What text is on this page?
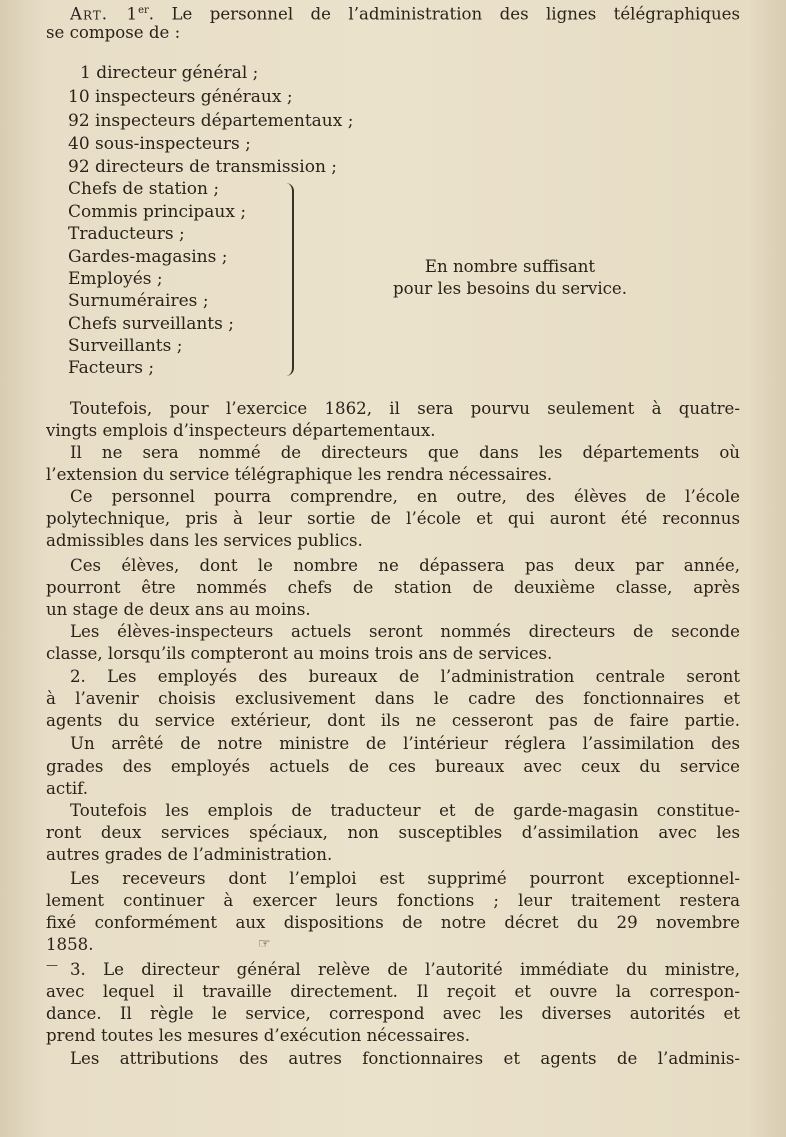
Art. 1er. Le personnel de l’administration des lignes télégraphiques
se compose de :
1 directeur général ;
10 inspecteurs généraux ;
92 inspecteurs départementaux ;
40 sous-inspecteurs ;
92 directeurs de transmission ;
Chefs de station ;
Commis principaux ;
Traducteurs ;
Gardes-magasins ;
Employés ;
Surnuméraires ;
Chefs surveillants ;
Surveillants ;
Facteurs ;
En nombre suffisant
pour les besoins du service.
Toutefois, pour l’exercice 1862, il sera pourvu seulement à quatre-
vingts emplois d’inspecteurs départementaux.
Il ne sera nommé de directeurs que dans les départements où
l’extension du service télégraphique les rendra nécessaires.
Ce personnel pourra comprendre, en outre, des élèves de l’école
polytechnique, pris à leur sortie de l’école et qui auront été reconnus
admissibles dans les services publics.
Ces élèves, dont le nombre ne dépassera pas deux par année,
pourront être nommés chefs de station de deuxième classe, après
un stage de deux ans au moins.
Les élèves-inspecteurs actuels seront nommés directeurs de seconde
classe, lorsqu’ils compteront au moins trois ans de services.
2. Les employés des bureaux de l’administration centrale seront
à l’avenir choisis exclusivement dans le cadre des fonctionnaires et
agents du service extérieur, dont ils ne cesseront pas de faire partie.
Un arrêté de notre ministre de l’intérieur réglera l’assimilation des
grades des employés actuels de ces bureaux avec ceux du service
actif.
Toutefois les emplois de traducteur et de garde-magasin constitue-
ront deux services spéciaux, non susceptibles d’assimilation avec les
autres grades de l’administration.
Les receveurs dont l’emploi est supprimé pourront exceptionnel-
lement continuer à exercer leurs fonctions ; leur traitement restera
fixé conformément aux dispositions de notre décret du 29 novembre
1858.
3. Le directeur général relève de l’autorité immédiate du ministre,
avec lequel il travaille directement. Il reçoit et ouvre la correspon-
dance. Il règle le service, correspond avec les diverses autorités et
prend toutes les mesures d’exécution nécessaires.
Les attributions des autres fonctionnaires et agents de l’adminis-
☞
—
